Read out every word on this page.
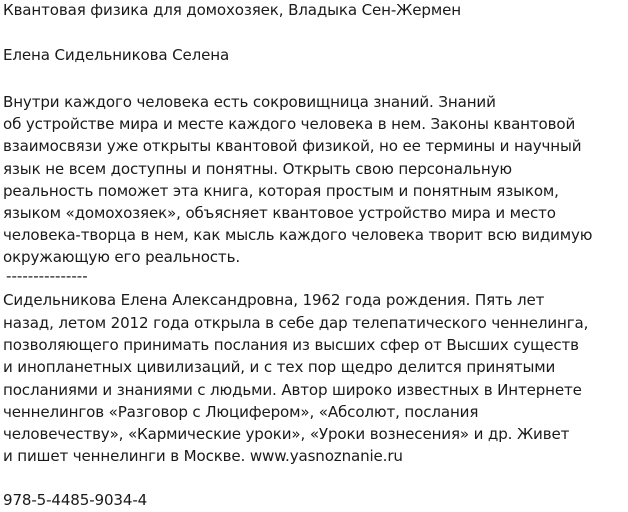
Квантовая физика для домохозяек, Владыка Сен-Жермен
Елена Сидельникова Селена
Внутри каждого человека есть сокровищница знаний. Знаний
об устройстве мира и месте каждого человека в нем. Законы квантовой
взаимосвязи уже открыты квантовой физикой, но ее термины и научный
язык не всем доступны и понятны. Открыть свою персональную
реальность поможет эта книга, которая простым и понятным языком,
языком «домохозяек», объясняет квантовое устройство мира и место
человека-творца в нем, как мысль каждого человека творит всю видимую
окружающую его реальность.
---------------
Сидельникова Елена Александровна, 1962 года рождения. Пять лет
назад, летом 2012 года открыла в себе дар телепатического ченнелинга,
позволяющего принимать послания из высших сфер от Высших существ
и инопланетных цивилизаций, и с тех пор щедро делится принятыми
посланиями и знаниями с людьми. Автор широко известных в Интернете
ченнелингов «Разговор с Люцифером», «Абсолют, послания
человечеству», «Кармические уроки», «Уроки вознесения» и др. Живет
и пишет ченнелинги в Москве. www.yasnoznanie.ru
978-5-4485-9034-4
